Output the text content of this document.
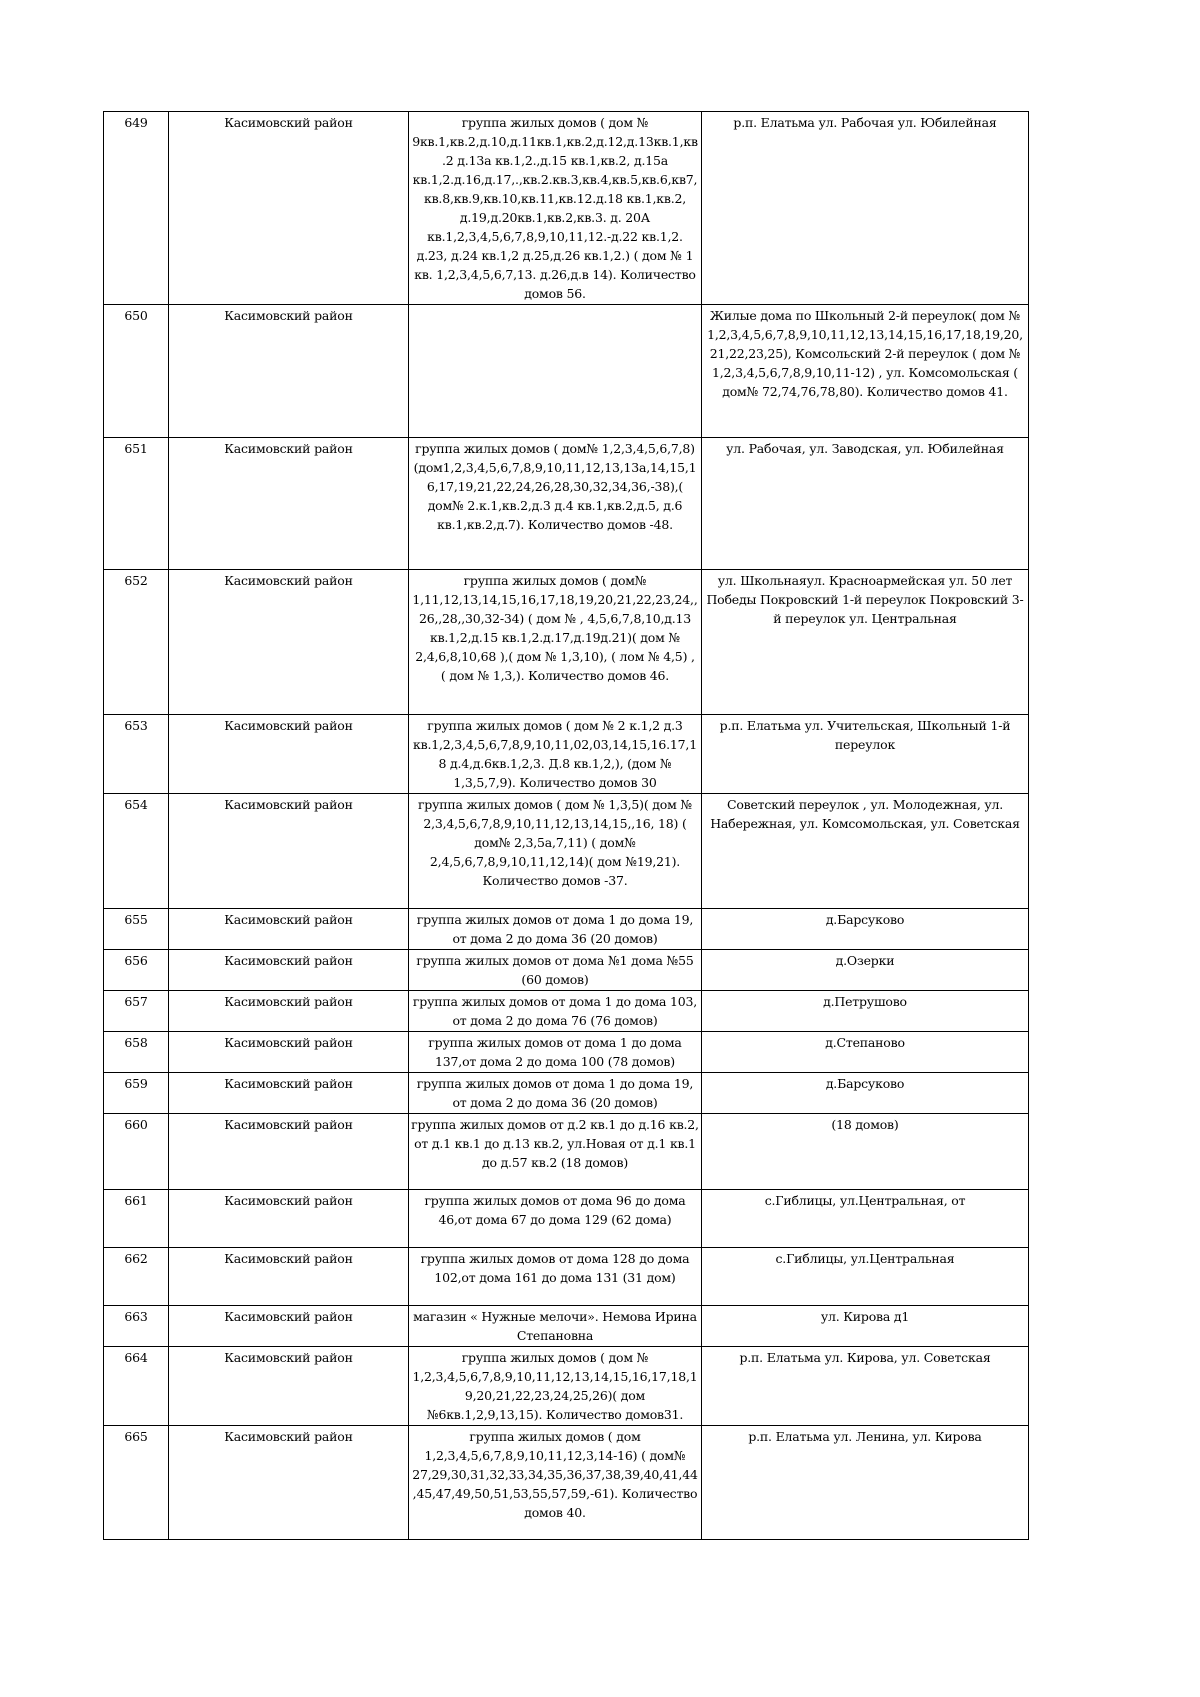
649	Касимовский район	группа жилых домов ( дом № 9кв.1,кв.2,д.10,д.11кв.1,кв.2,д.12,д.13кв.1,кв.2 д.13а кв.1,2.,д.15 кв.1,кв.2, д.15а кв.1,2.д.16,д.17,.,кв.2.кв.3,кв.4,кв.5,кв.6,кв7, кв.8,кв.9,кв.10,кв.11,кв.12.д.18 кв.1,кв.2, д.19,д.20кв.1,кв.2,кв.3. д. 20А кв.1,2,3,4,5,6,7,8,9,10,11,12.-д.22 кв.1,2. д.23, д.24 кв.1,2 д.25,д.26 кв.1,2.) ( дом № 1 кв. 1,2,3,4,5,6,7,13. д.26,д.в 14). Количество домов 56.	р.п. Елатьма ул. Рабочая ул. Юбилейная
650	Касимовский район		Жилые дома по Школьный 2-й переулок( дом № 1,2,3,4,5,6,7,8,9,10,11,12,13,14,15,16,17,18,19,20,21,22,23,25), Комсольский 2-й переулок ( дом № 1,2,3,4,5,6,7,8,9,10,11-12) , ул. Комсомольская ( дом№ 72,74,76,78,80). Количество домов 41.
651	Касимовский район	группа жилых домов ( дом№ 1,2,3,4,5,6,7,8) (дом1,2,3,4,5,6,7,8,9,10,11,12,13,13а,14,15,16,17,19,21,22,24,26,28,30,32,34,36,-38),( дом№ 2.к.1,кв.2,д.3 д.4 кв.1,кв.2,д.5, д.6 кв.1,кв.2,д.7). Количество домов -48.	ул. Рабочая, ул. Заводская, ул. Юбилейная
652	Касимовский район	группа жилых домов ( дом№ 1,11,12,13,14,15,16,17,18,19,20,21,22,23,24,,26,,28,,30,32-34) ( дом № , 4,5,6,7,8,10,д.13 кв.1,2,д.15 кв.1,2.д.17,д.19д.21)( дом № 2,4,6,8,10,68 ),( дом № 1,3,10), ( лом № 4,5) , ( дом № 1,3,). Количество домов 46.	ул. Школьнаяул. Красноармейская ул. 50 лет Победы Покровский 1-й переулок Покровский 3-й переулок ул. Центральная
653	Касимовский район	группа жилых домов ( дом № 2 к.1,2 д.3 кв.1,2,3,4,5,6,7,8,9,10,11,02,03,14,15,16.17,18 д.4,д.6кв.1,2,3. Д.8 кв.1,2,), (дом № 1,3,5,7,9). Количество домов 30	р.п. Елатьма ул. Учительская, Школьный 1-й переулок
654	Касимовский район	группа жилых домов ( дом № 1,3,5)( дом № 2,3,4,5,6,7,8,9,10,11,12,13,14,15,,16, 18) ( дом№ 2,3,5а,7,11) ( дом№ 2,4,5,6,7,8,9,10,11,12,14)( дом №19,21). Количество домов -37.	Советский переулок , ул. Молодежная, ул. Набережная, ул. Комсомольская, ул. Советская
655	Касимовский район	группа жилых домов от дома 1 до дома 19, от дома 2 до дома 36 (20 домов)	д.Барсуково
656	Касимовский район	группа жилых домов от дома №1 дома №55 (60 домов)	д.Озерки
657	Касимовский район	группа жилых домов от дома 1 до дома 103, от дома 2 до дома 76 (76 домов)	д.Петрушово
658	Касимовский район	группа жилых домов от дома 1 до дома 137,от дома 2 до дома 100 (78 домов)	д.Степаново
659	Касимовский район	группа жилых домов от дома 1 до дома 19, от дома 2 до дома 36 (20 домов)	д.Барсуково
660	Касимовский район	группа жилых домов от д.2 кв.1 до д.16 кв.2, от д.1 кв.1 до д.13 кв.2, ул.Новая от д.1 кв.1 до д.57 кв.2 (18 домов)	(18 домов)
661	Касимовский район	группа жилых домов от дома 96 до дома 46,от дома 67 до дома 129 (62 дома)	с.Гиблицы, ул.Центральная, от
662	Касимовский район	группа жилых домов от дома 128 до дома 102,от дома 161 до дома 131 (31 дом)	с.Гиблицы, ул.Центральная
663	Касимовский район	магазин « Нужные мелочи». Немова Ирина Степановна	ул. Кирова д1
664	Касимовский район	группа жилых домов ( дом № 1,2,3,4,5,6,7,8,9,10,11,12,13,14,15,16,17,18,19,20,21,22,23,24,25,26)( дом №6кв.1,2,9,13,15). Количество домов31.	р.п. Елатьма ул. Кирова, ул. Советская
665	Касимовский район	группа жилых домов ( дом 1,2,3,4,5,6,7,8,9,10,11,12,3,14-16) ( дом№ 27,29,30,31,32,33,34,35,36,37,38,39,40,41,44,45,47,49,50,51,53,55,57,59,-61). Количество домов 40.	р.п. Елатьма ул. Ленина, ул. Кирова
